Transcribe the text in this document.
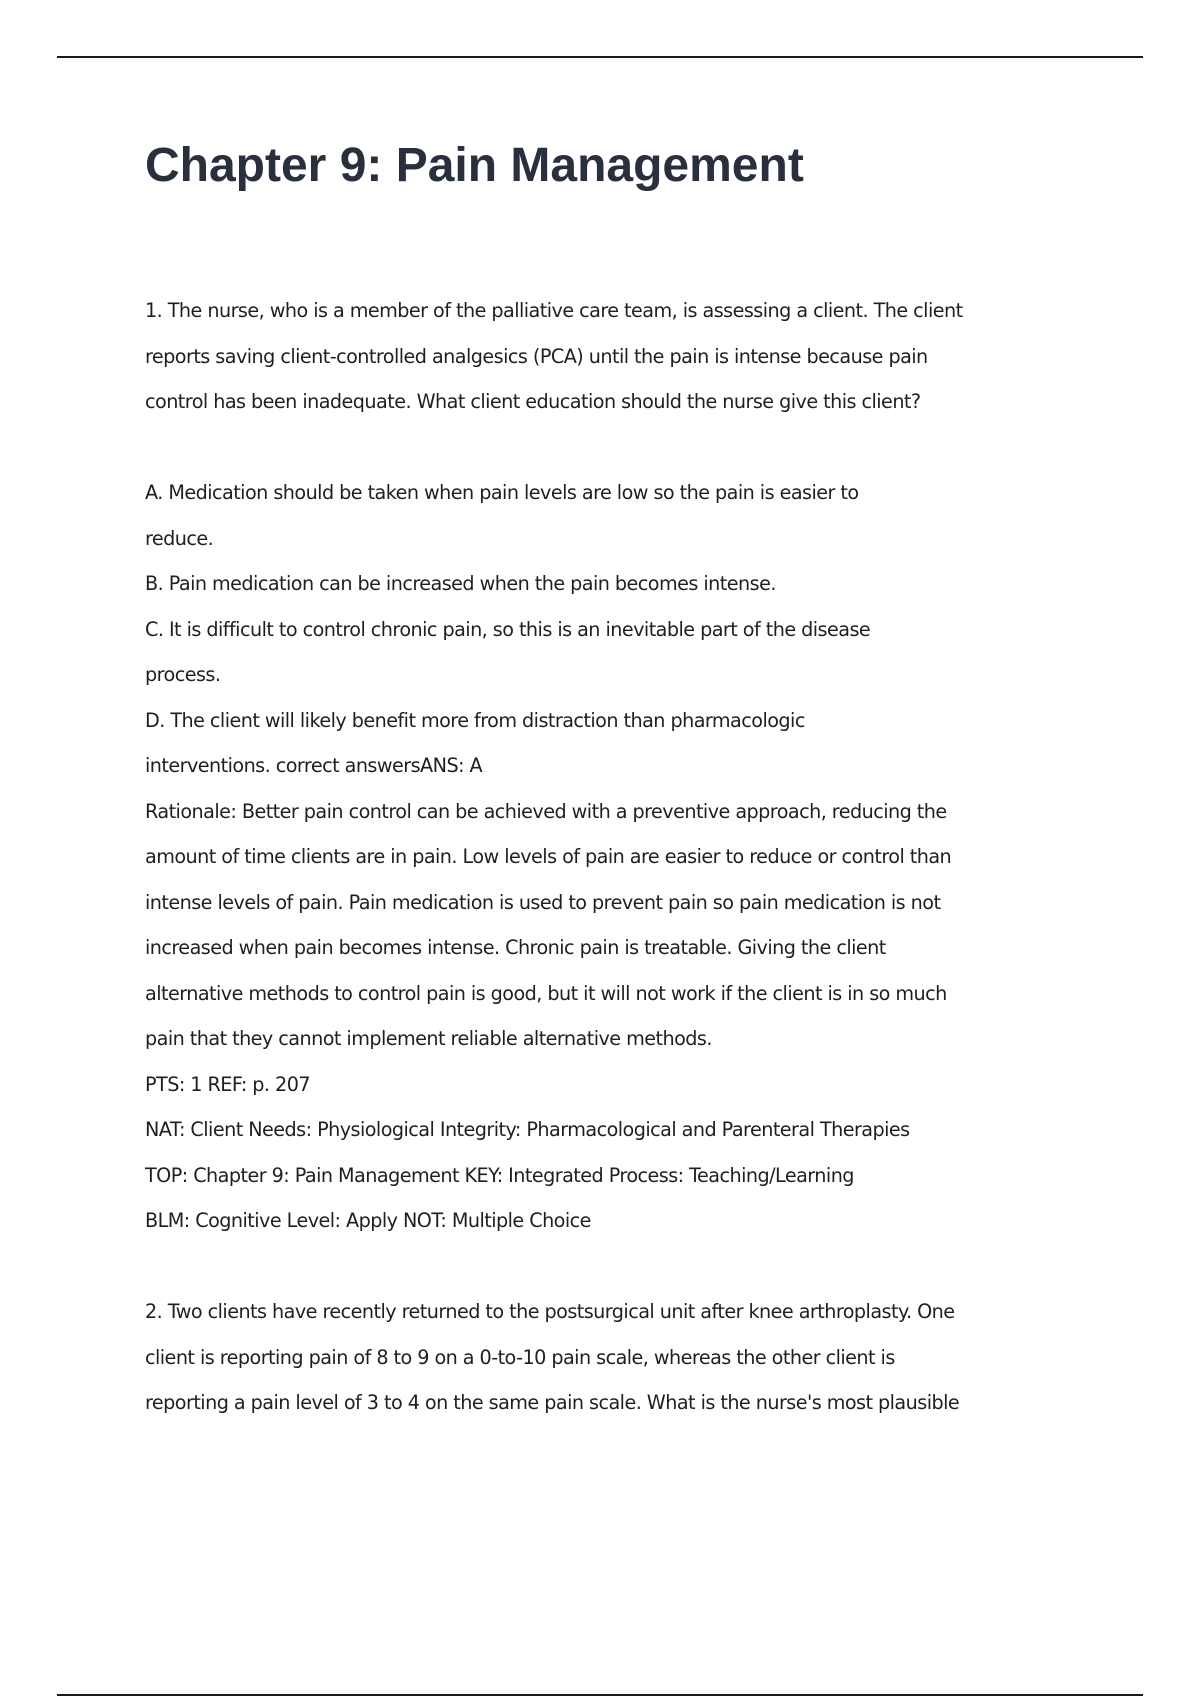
Chapter 9: Pain Management

1. The nurse, who is a member of the palliative care team, is assessing a client. The client

reports saving client-controlled analgesics (PCA) until the pain is intense because pain

control has been inadequate. What client education should the nurse give this client?

A. Medication should be taken when pain levels are low so the pain is easier to

reduce.

B. Pain medication can be increased when the pain becomes intense.

C. It is difficult to control chronic pain, so this is an inevitable part of the disease

process.

D. The client will likely benefit more from distraction than pharmacologic

interventions. correct answersANS: A

Rationale: Better pain control can be achieved with a preventive approach, reducing the

amount of time clients are in pain. Low levels of pain are easier to reduce or control than

intense levels of pain. Pain medication is used to prevent pain so pain medication is not

increased when pain becomes intense. Chronic pain is treatable. Giving the client

alternative methods to control pain is good, but it will not work if the client is in so much

pain that they cannot implement reliable alternative methods.

PTS: 1 REF: p. 207

NAT: Client Needs: Physiological Integrity: Pharmacological and Parenteral Therapies

TOP: Chapter 9: Pain Management KEY: Integrated Process: Teaching/Learning

BLM: Cognitive Level: Apply NOT: Multiple Choice

2. Two clients have recently returned to the postsurgical unit after knee arthroplasty. One

client is reporting pain of 8 to 9 on a 0-to-10 pain scale, whereas the other client is

reporting a pain level of 3 to 4 on the same pain scale. What is the nurse's most plausible
